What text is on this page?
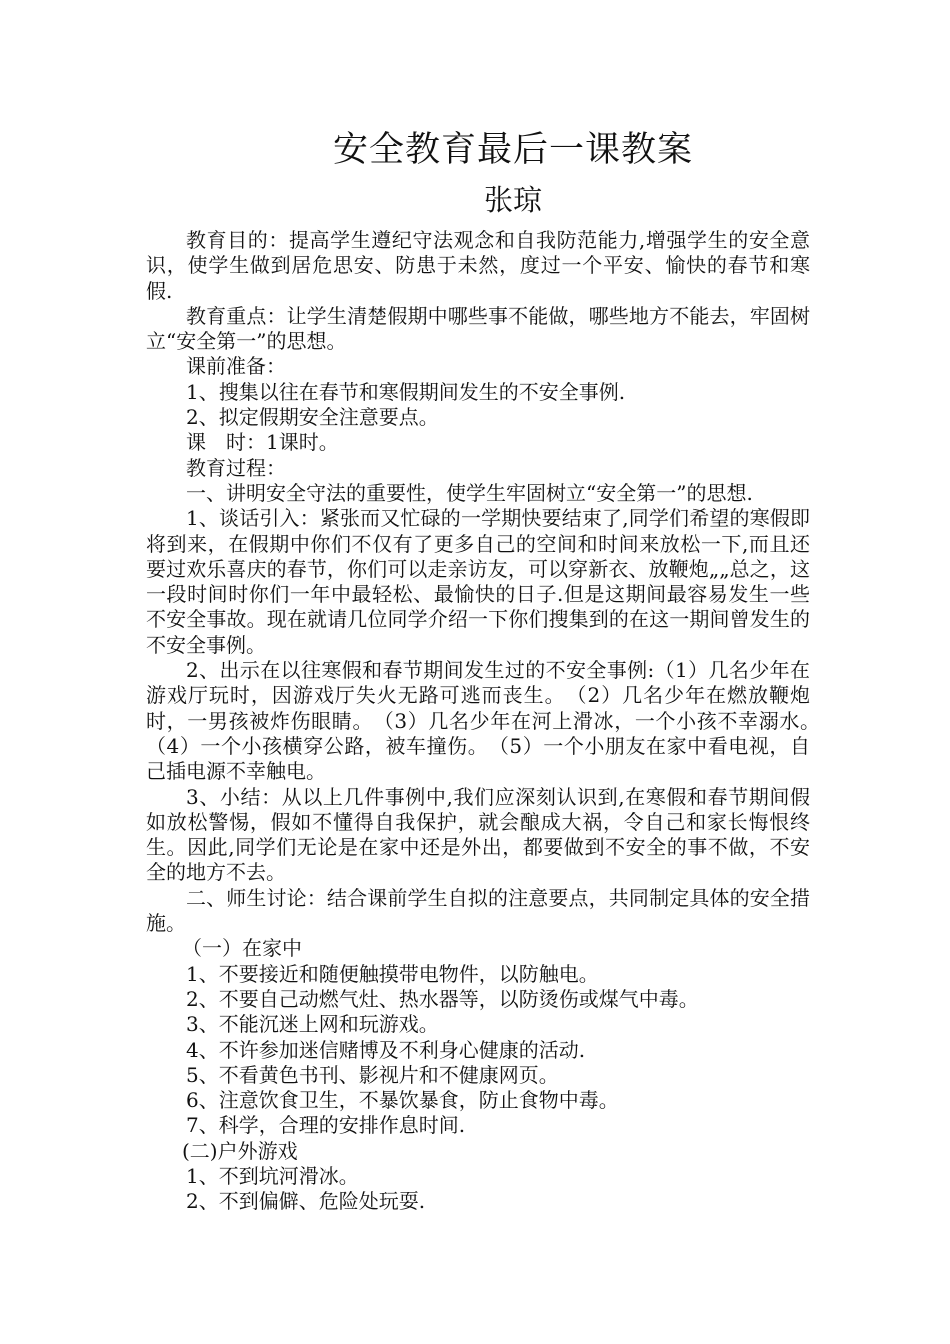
安全教育最后一课教案
张琼

教育目的：提高学生遵纪守法观念和自我防范能力,增强学生的安全意识，使学生做到居危思安、防患于未然，度过一个平安、愉快的春节和寒假.

教育重点：让学生清楚假期中哪些事不能做，哪些地方不能去，牢固树立“安全第一”的思想。

课前准备：

1、搜集以往在春节和寒假期间发生的不安全事例.

2、拟定假期安全注意要点。

课　时：1课时。

教育过程：

一、讲明安全守法的重要性，使学生牢固树立“安全第一”的思想.

1、谈话引入：紧张而又忙碌的一学期快要结束了,同学们希望的寒假即将到来，在假期中你们不仅有了更多自己的空间和时间来放松一下,而且还要过欢乐喜庆的春节，你们可以走亲访友，可以穿新衣、放鞭炮„„总之，这一段时间时你们一年中最轻松、最愉快的日子.但是这期间最容易发生一些不安全事故。现在就请几位同学介绍一下你们搜集到的在这一期间曾发生的不安全事例。

2、出示在以往寒假和春节期间发生过的不安全事例:（1）几名少年在游戏厅玩时，因游戏厅失火无路可逃而丧生。　（2）几名少年在燃放鞭炮时，一男孩被炸伤眼睛。　（3）几名少年在河上滑冰，一个小孩不幸溺水。　（4）一个小孩横穿公路，被车撞伤。　（5）一个小朋友在家中看电视，自己插电源不幸触电。

3、小结：从以上几件事例中,我们应深刻认识到,在寒假和春节期间假如放松警惕，假如不懂得自我保护，就会酿成大祸，令自己和家长悔恨终生。因此,同学们无论是在家中还是外出，都要做到不安全的事不做，不安全的地方不去。

二、师生讨论：结合课前学生自拟的注意要点，共同制定具体的安全措施。

（一）在家中

1、不要接近和随便触摸带电物件，以防触电。

2、不要自己动燃气灶、热水器等，以防烫伤或煤气中毒。

3、不能沉迷上网和玩游戏。

4、不许参加迷信赌博及不利身心健康的活动.

5、不看黄色书刊、影视片和不健康网页。

6、注意饮食卫生，不暴饮暴食，防止食物中毒。

7、科学，合理的安排作息时间.

(二)户外游戏

1、不到坑河滑冰。

2、不到偏僻、危险处玩耍.
